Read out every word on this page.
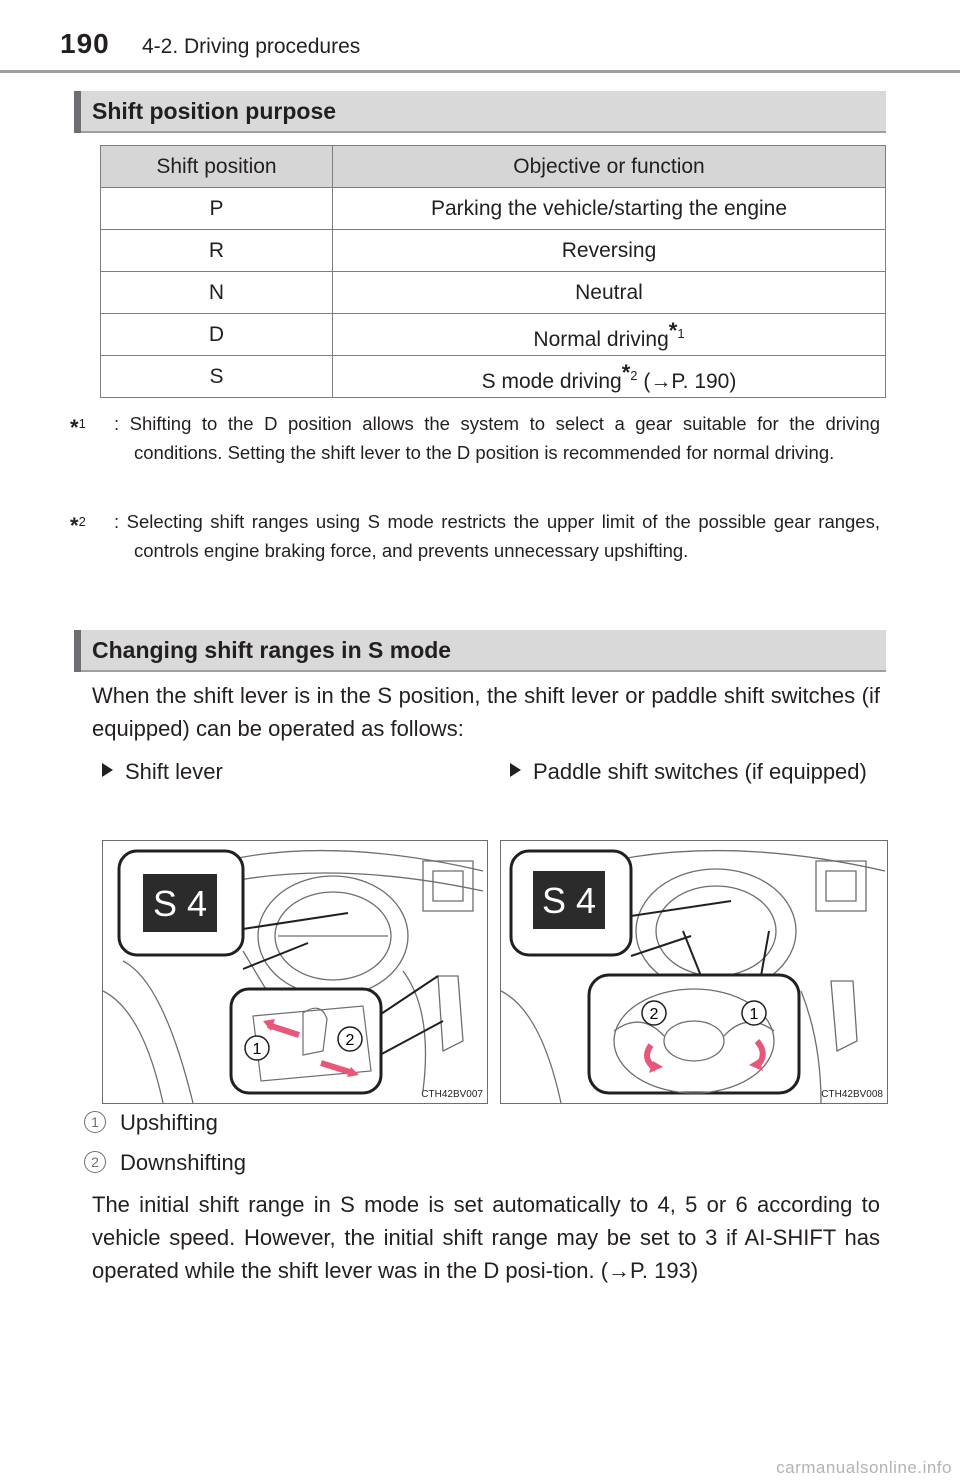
190 4-2. Driving procedures
Shift position purpose
Shift position	Objective or function
P	Parking the vehicle/starting the engine
R	Reversing
N	Neutral
D	Normal driving$^{*1}$
S	S mode driving$^{*2}$ (→P. 190)
*$^1$	: Shifting to the D position allows the system to select a gear suitable for the driving conditions. Setting the shift lever to the D position is recommended for normal driving.
*$^2$	: Selecting shift ranges using S mode restricts the upper limit of the possible gear ranges, controls engine braking force, and prevents unnecessary upshifting.
Changing shift ranges in S mode
When the shift lever is in the S position, the shift lever or paddle shift switches (if equipped) can be operated as follows:
Shift lever	Paddle shift switches (if equipped)
S 4
1
2
CTH42BV007
S 4
2	1
CTH42BV008
1 Upshifting
2 Downshifting
The initial shift range in S mode is set automatically to 4, 5 or 6 according to vehicle speed. However, the initial shift range may be set to 3 if AI-SHIFT has operated while the shift lever was in the D posi-tion. (→P. 193)
carmanualsonline.info
